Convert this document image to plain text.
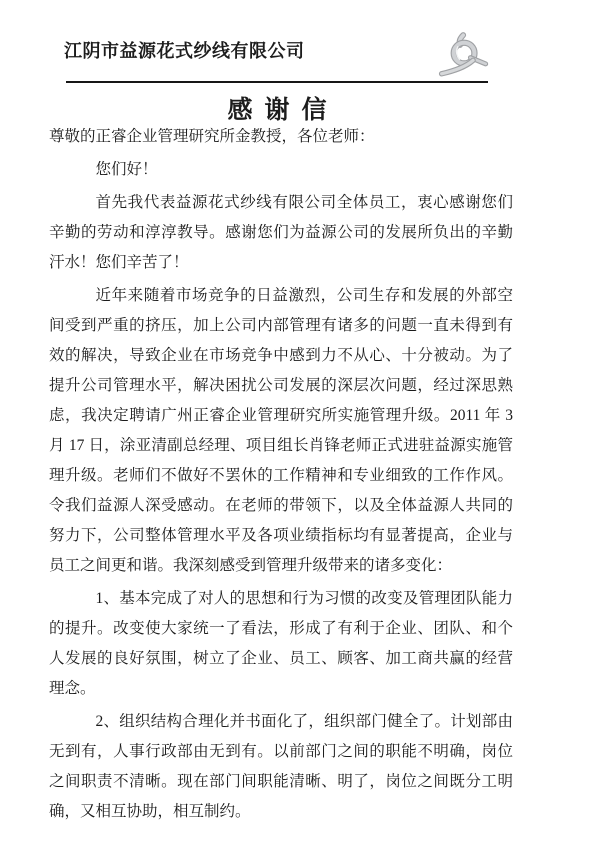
江阴市益源花式纱线有限公司
感谢信

尊敬的正睿企业管理研究所金教授，各位老师：

您们好！

首先我代表益源花式纱线有限公司全体员工，衷心感谢您们辛勤的劳动和淳淳教导。感谢您们为益源公司的发展所负出的辛勤汗水！您们辛苦了！

近年来随着市场竞争的日益激烈，公司生存和发展的外部空间受到严重的挤压，加上公司内部管理有诸多的问题一直未得到有效的解决，导致企业在市场竞争中感到力不从心、十分被动。为了提升公司管理水平，解决困扰公司发展的深层次问题，经过深思熟虑，我决定聘请广州正睿企业管理研究所实施管理升级。2011 年 3 月 17 日，涂亚清副总经理、项目组长肖锋老师正式进驻益源实施管理升级。老师们不做好不罢休的工作精神和专业细致的工作作风。令我们益源人深受感动。在老师的带领下，以及全体益源人共同的努力下，公司整体管理水平及各项业绩指标均有显著提高，企业与员工之间更和谐。我深刻感受到管理升级带来的诸多变化：

1、基本完成了对人的思想和行为习惯的改变及管理团队能力的提升。改变使大家统一了看法，形成了有利于企业、团队、和个人发展的良好氛围，树立了企业、员工、顾客、加工商共赢的经营理念。

2、组织结构合理化并书面化了，组织部门健全了。计划部由无到有，人事行政部由无到有。以前部门之间的职能不明确，岗位之间职责不清晰。现在部门间职能清晰、明了，岗位之间既分工明确，又相互协助，相互制约。
